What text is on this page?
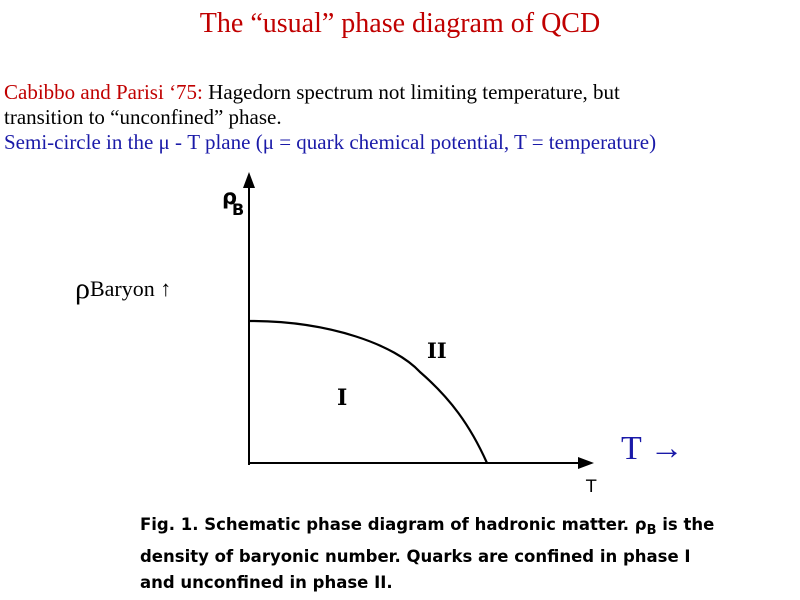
The “usual” phase diagram of QCD
Cabibbo and Parisi ‘75: Hagedorn spectrum not limiting temperature, but
transition to “unconfined” phase.
Semi-circle in the μ - T plane (μ = quark chemical potential, T = temperature)
ρ
B
T
I
II
ρBaryon ↑
T →
Fig. 1. Schematic phase diagram of hadronic matter. $\rho_B$ is the
density of baryonic number. Quarks are confined in phase I
and unconfined in phase II.
